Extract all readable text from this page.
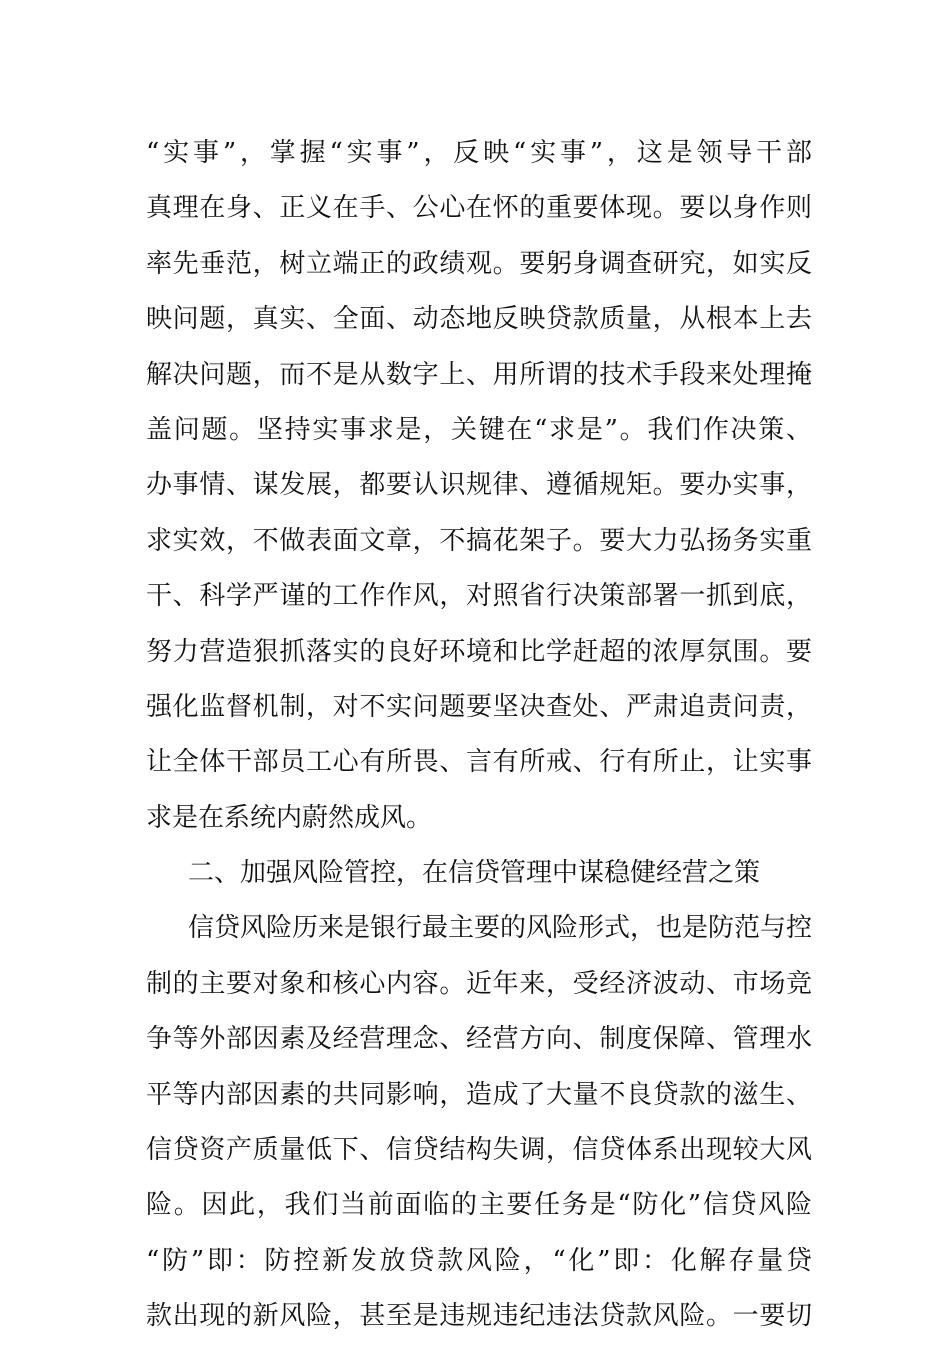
“实事”，掌握“实事”，反映“实事”，这是领导干部
真理在身、正义在手、公心在怀的重要体现。要以身作则
率先垂范，树立端正的政绩观。要躬身调查研究，如实反
映问题，真实、全面、动态地反映贷款质量，从根本上去
解决问题，而不是从数字上、用所谓的技术手段来处理掩
盖问题。坚持实事求是，关键在“求是”。我们作决策、
办事情、谋发展，都要认识规律、遵循规矩。要办实事，
求实效，不做表面文章，不搞花架子。要大力弘扬务实重
干、科学严谨的工作作风，对照省行决策部署一抓到底，
努力营造狠抓落实的良好环境和比学赶超的浓厚氛围。要
强化监督机制，对不实问题要坚决查处、严肃追责问责，
让全体干部员工心有所畏、言有所戒、行有所止，让实事
求是在系统内蔚然成风。
二、加强风险管控，在信贷管理中谋稳健经营之策
信贷风险历来是银行最主要的风险形式，也是防范与控
制的主要对象和核心内容。近年来，受经济波动、市场竞
争等外部因素及经营理念、经营方向、制度保障、管理水
平等内部因素的共同影响，造成了大量不良贷款的滋生、
信贷资产质量低下、信贷结构失调，信贷体系出现较大风
险。因此，我们当前面临的主要任务是“防化”信贷风险
“防”即：防控新发放贷款风险，“化”即：化解存量贷
款出现的新风险，甚至是违规违纪违法贷款风险。一要切
